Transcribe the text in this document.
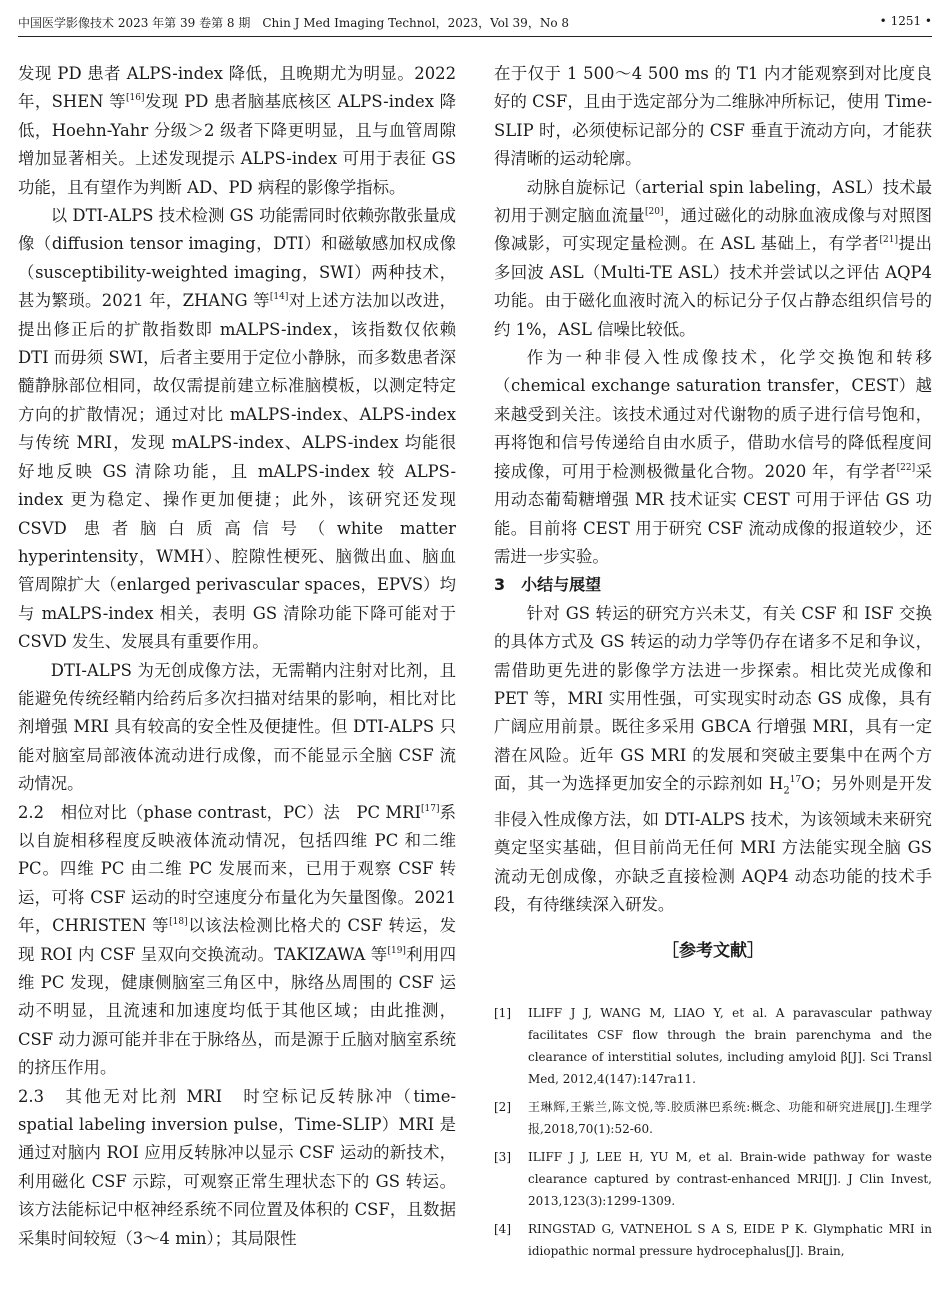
中国医学影像技术 2023 年第 39 卷第 8 期　Chin J Med Imaging Technol，2023，Vol 39，No 8	• 1251 •

发现 PD 患者 ALPS-index 降低，且晚期尤为明显。2022 年，SHEN 等[16]发现 PD 患者脑基底核区 ALPS-index 降低，Hoehn-Yahr 分级＞2 级者下降更明显，且与血管周隙增加显著相关。上述发现提示 ALPS-index 可用于表征 GS 功能，且有望作为判断 AD、PD 病程的影像学指标。

以 DTI-ALPS 技术检测 GS 功能需同时依赖弥散张量成像（diffusion tensor imaging，DTI）和磁敏感加权成像（susceptibility-weighted imaging，SWI）两种技术，甚为繁琐。2021 年，ZHANG 等[14]对上述方法加以改进，提出修正后的扩散指数即 mALPS-index，该指数仅依赖 DTI 而毋须 SWI，后者主要用于定位小静脉，而多数患者深髓静脉部位相同，故仅需提前建立标准脑模板，以测定特定方向的扩散情况；通过对比 mALPS-index、ALPS-index 与传统 MRI，发现 mALPS-index、ALPS-index 均能很好地反映 GS 清除功能，且 mALPS-index 较 ALPS-index 更为稳定、操作更加便捷；此外，该研究还发现 CSVD 患者脑白质高信号（white matter hyperintensity，WMH）、腔隙性梗死、脑微出血、脑血管周隙扩大（enlarged perivascular spaces，EPVS）均与 mALPS-index 相关，表明 GS 清除功能下降可能对于 CSVD 发生、发展具有重要作用。

DTI-ALPS 为无创成像方法，无需鞘内注射对比剂，且能避免传统经鞘内给药后多次扫描对结果的影响，相比对比剂增强 MRI 具有较高的安全性及便捷性。但 DTI-ALPS 只能对脑室局部液体流动进行成像，而不能显示全脑 CSF 流动情况。

2.2　相位对比（phase contrast，PC）法　PC MRI[17]系以自旋相移程度反映液体流动情况，包括四维 PC 和二维 PC。四维 PC 由二维 PC 发展而来，已用于观察 CSF 转运，可将 CSF 运动的时空速度分布量化为矢量图像。2021 年，CHRISTEN 等[18]以该法检测比格犬的 CSF 转运，发现 ROI 内 CSF 呈双向交换流动。TAKIZAWA 等[19]利用四维 PC 发现，健康侧脑室三角区中，脉络丛周围的 CSF 运动不明显，且流速和加速度均低于其他区域；由此推测，CSF 动力源可能并非在于脉络丛，而是源于丘脑对脑室系统的挤压作用。

2.3　其他无对比剂 MRI　时空标记反转脉冲（time-spatial labeling inversion pulse，Time-SLIP）MRI 是通过对脑内 ROI 应用反转脉冲以显示 CSF 运动的新技术，利用磁化 CSF 示踪，可观察正常生理状态下的 GS 转运。该方法能标记中枢神经系统不同位置及体积的 CSF，且数据采集时间较短（3～4 min）；其局限性

在于仅于 1 500～4 500 ms 的 T1 内才能观察到对比度良好的 CSF，且由于选定部分为二维脉冲所标记，使用 Time-SLIP 时，必须使标记部分的 CSF 垂直于流动方向，才能获得清晰的运动轮廓。

动脉自旋标记（arterial spin labeling，ASL）技术最初用于测定脑血流量[20]，通过磁化的动脉血液成像与对照图像减影，可实现定量检测。在 ASL 基础上，有学者[21]提出多回波 ASL（Multi-TE ASL）技术并尝试以之评估 AQP4 功能。由于磁化血液时流入的标记分子仅占静态组织信号的约 1%，ASL 信噪比较低。

作为一种非侵入性成像技术，化学交换饱和转移（chemical exchange saturation transfer，CEST）越来越受到关注。该技术通过对代谢物的质子进行信号饱和，再将饱和信号传递给自由水质子，借助水信号的降低程度间接成像，可用于检测极微量化合物。2020 年，有学者[22]采用动态葡萄糖增强 MR 技术证实 CEST 可用于评估 GS 功能。目前将 CEST 用于研究 CSF 流动成像的报道较少，还需进一步实验。

3　小结与展望

针对 GS 转运的研究方兴未艾，有关 CSF 和 ISF 交换的具体方式及 GS 转运的动力学等仍存在诸多不足和争议，需借助更先进的影像学方法进一步探索。相比荧光成像和 PET 等，MRI 实用性强，可实现实时动态 GS 成像，具有广阔应用前景。既往多采用 GBCA 行增强 MRI，具有一定潜在风险。近年 GS MRI 的发展和突破主要集中在两个方面，其一为选择更加安全的示踪剂如 $H_2^{17}O$；另外则是开发非侵入性成像方法，如 DTI-ALPS 技术，为该领域未来研究奠定坚实基础，但目前尚无任何 MRI 方法能实现全脑 GS 流动无创成像，亦缺乏直接检测 AQP4 动态功能的技术手段，有待继续深入研发。

［参考文献］
[1]	ILIFF J J, WANG M, LIAO Y, et al. A paravascular pathway facilitates CSF flow through the brain parenchyma and the clearance of interstitial solutes, including amyloid β[J]. Sci Transl Med, 2012,4(147):147ra11.
[2]	王琳辉,王紫兰,陈文悦,等.胶质淋巴系统:概念、功能和研究进展[J].生理学报,2018,70(1):52-60.
[3]	ILIFF J J, LEE H, YU M, et al. Brain-wide pathway for waste clearance captured by contrast-enhanced MRI[J]. J Clin Invest, 2013,123(3):1299-1309.
[4]	RINGSTAD G, VATNEHOL S A S, EIDE P K. Glymphatic MRI in idiopathic normal pressure hydrocephalus[J]. Brain,
